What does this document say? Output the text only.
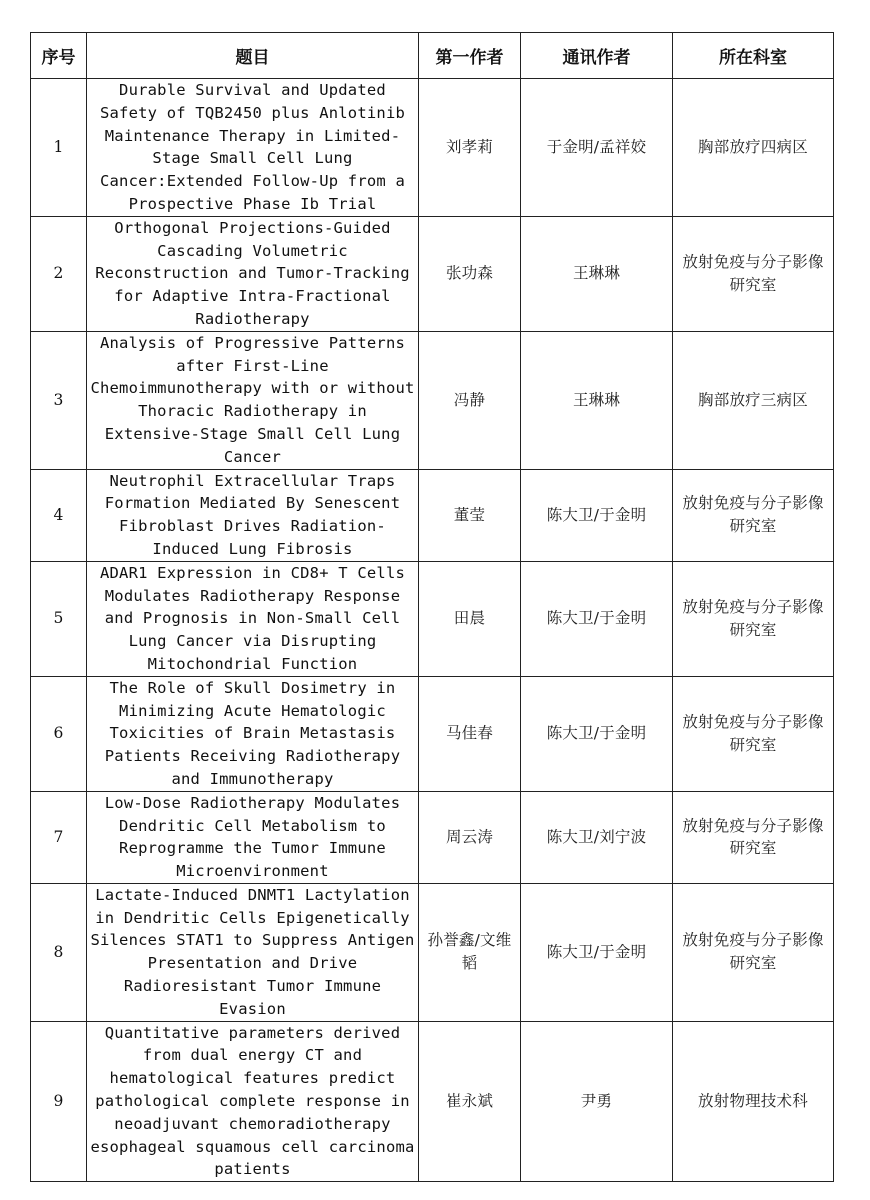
序号	题目	第一作者	通讯作者	所在科室
1	Durable Survival and Updated Safety of TQB2450 plus Anlotinib Maintenance Therapy in Limited-Stage Small Cell Lung Cancer:Extended Follow-Up from a Prospective Phase Ib Trial	刘孝莉	于金明/孟祥姣	胸部放疗四病区
2	Orthogonal Projections-Guided Cascading Volumetric Reconstruction and Tumor-Tracking for Adaptive Intra-Fractional Radiotherapy	张功森	王琳琳	放射免疫与分子影像研究室
3	Analysis of Progressive Patterns after First-Line Chemoimmunotherapy with or without Thoracic Radiotherapy in Extensive-Stage Small Cell Lung Cancer	冯静	王琳琳	胸部放疗三病区
4	Neutrophil Extracellular Traps Formation Mediated By Senescent Fibroblast Drives Radiation-Induced Lung Fibrosis	董莹	陈大卫/于金明	放射免疫与分子影像研究室
5	ADAR1 Expression in CD8+ T Cells Modulates Radiotherapy Response and Prognosis in Non-Small Cell Lung Cancer via Disrupting Mitochondrial Function	田晨	陈大卫/于金明	放射免疫与分子影像研究室
6	The Role of Skull Dosimetry in Minimizing Acute Hematologic Toxicities of Brain Metastasis Patients Receiving Radiotherapy and Immunotherapy	马佳春	陈大卫/于金明	放射免疫与分子影像研究室
7	Low-Dose Radiotherapy Modulates Dendritic Cell Metabolism to Reprogramme the Tumor Immune Microenvironment	周云涛	陈大卫/刘宁波	放射免疫与分子影像研究室
8	Lactate-Induced DNMT1 Lactylation in Dendritic Cells Epigenetically Silences STAT1 to Suppress Antigen Presentation and Drive Radioresistant Tumor Immune Evasion	孙誉鑫/文维韬	陈大卫/于金明	放射免疫与分子影像研究室
9	Quantitative parameters derived from dual energy CT and hematological features predict pathological complete response in neoadjuvant chemoradiotherapy esophageal squamous cell carcinoma patients	崔永斌	尹勇	放射物理技术科
